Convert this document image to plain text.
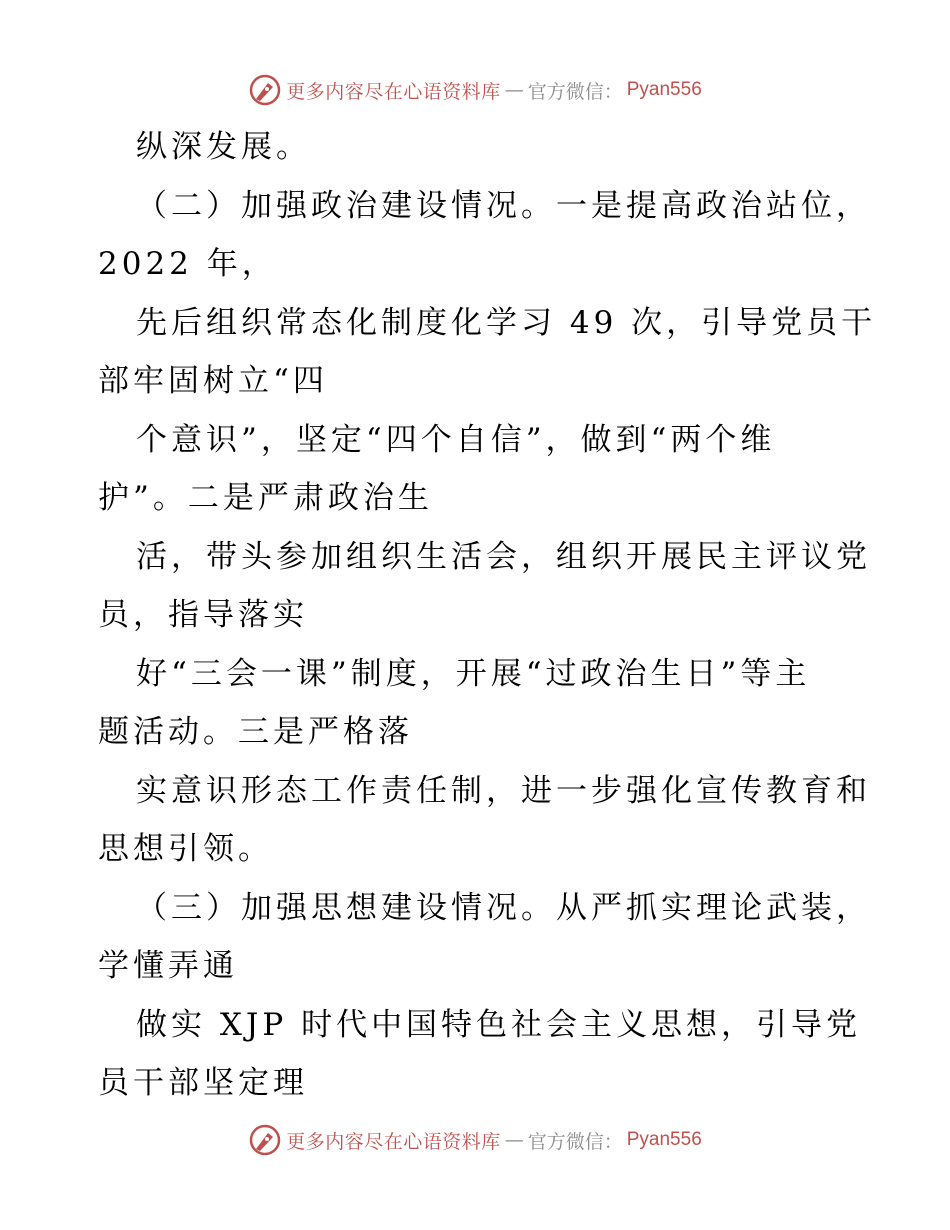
更多内容尽在心语资料库 — 官方微信： Pyan556
纵深发展。
（二）加强政治建设情况。一是提高政治站位，
2022 年，
先后组织常态化制度化学习 49 次，引导党员干
部牢固树立“四
个意识”，坚定“四个自信”，做到“两个维
护”。二是严肃政治生
活，带头参加组织生活会，组织开展民主评议党
员，指导落实
好“三会一课”制度，开展“过政治生日”等主
题活动。三是严格落
实意识形态工作责任制，进一步强化宣传教育和
思想引领。
（三）加强思想建设情况。从严抓实理论武装，
学懂弄通
做实 XJP 时代中国特色社会主义思想，引导党
员干部坚定理
更多内容尽在心语资料库 — 官方微信： Pyan556
